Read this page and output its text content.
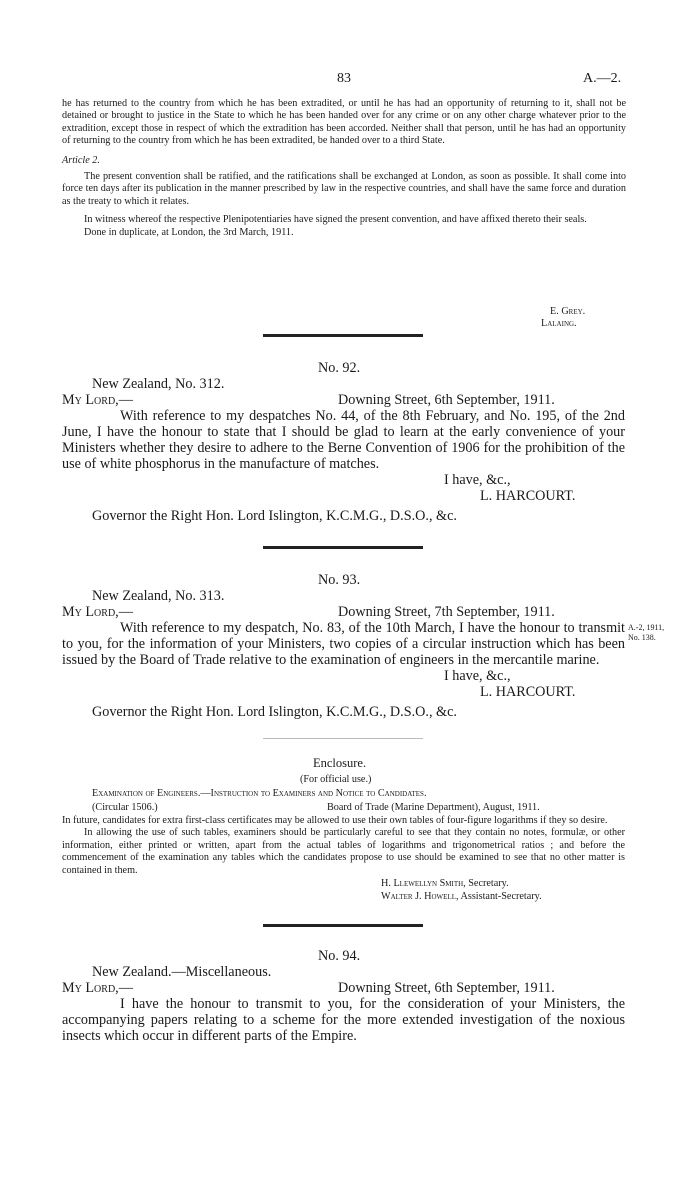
83	A.—2.

he has returned to the country from which he has been extradited, or until he has had an opportunity of returning to it, shall not be detained or brought to justice in the State to which he has been handed over for any crime or on any other charge whatever prior to the extradition, except those in respect of which the extradition has been accorded. Neither shall that person, until he has had an opportunity of returning to the country from which he has been extradited, be handed over to a third State.

Article 2.

The present convention shall be ratified, and the ratifications shall be exchanged at London, as soon as possible. It shall come into force ten days after its publication in the manner prescribed by law in the respective countries, and shall have the same force and duration as the treaty to which it relates.

In witness whereof the respective Plenipotentiaries have signed the present convention, and have affixed thereto their seals.

Done in duplicate, at London, the 3rd March, 1911.

E. Grey.
Lalaing.
No. 92.
New Zealand, No. 312.
My Lord,—	Downing Street, 6th September, 1911.

With reference to my despatches No. 44, of the 8th February, and No. 195, of the 2nd June, I have the honour to state that I should be glad to learn at the early convenience of your Ministers whether they desire to adhere to the Berne Convention of 1906 for the prohibition of the use of white phosphorus in the manufacture of matches.

I have, &c.,
L. HARCOURT.
Governor the Right Hon. Lord Islington, K.C.M.G., D.S.O., &c.
No. 93.
New Zealand, No. 313.
My Lord,—	Downing Street, 7th September, 1911.

With reference to my despatch, No. 83, of the 10th March, I have the honour to transmit to you, for the information of your Ministers, two copies of a circular instruction which has been issued by the Board of Trade relative to the examination of engineers in the mercantile marine.

A.-2, 1911,
No. 138.
I have, &c.,
L. HARCOURT.
Governor the Right Hon. Lord Islington, K.C.M.G., D.S.O., &c.
Enclosure.
(For official use.)
Examination of Engineers.—Instruction to Examiners and Notice to Candidates.
(Circular 1506.)	Board of Trade (Marine Department), August, 1911.

In future, candidates for extra first-class certificates may be allowed to use their own tables of four-figure logarithms if they so desire.

In allowing the use of such tables, examiners should be particularly careful to see that they contain no notes, formulæ, or other information, either printed or written, apart from the actual tables of logarithms and trigonometrical ratios ; and before the commencement of the examination any tables which the candidates propose to use should be examined to see that no other matter is contained in them.

H. Llewellyn Smith, Secretary.
Walter J. Howell, Assistant-Secretary.
No. 94.
New Zealand.—Miscellaneous.
My Lord,—	Downing Street, 6th September, 1911.

I have the honour to transmit to you, for the consideration of your Ministers, the accompanying papers relating to a scheme for the more extended investigation of the noxious insects which occur in different parts of the Empire.
